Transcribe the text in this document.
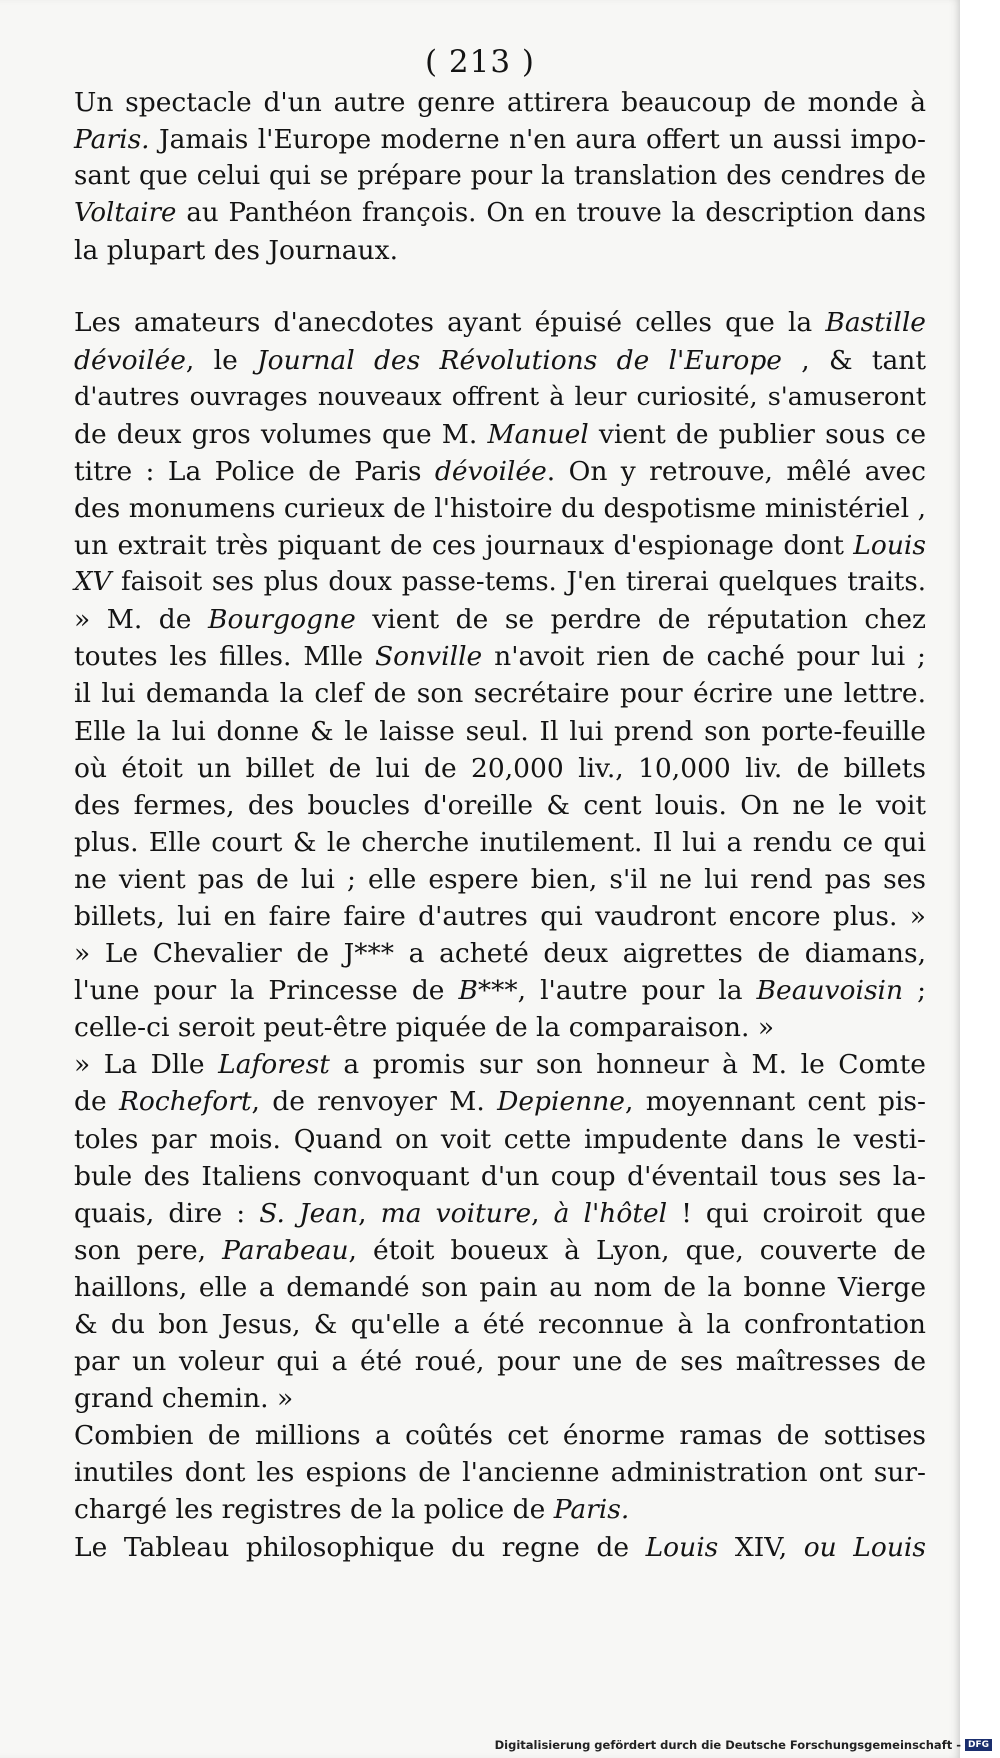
( 213 )
Un spectacle d'un autre genre attirera beaucoup de monde à
Paris. Jamais l'Europe moderne n'en aura offert un aussi impo-
sant que celui qui se prépare pour la translation des cendres de
Voltaire au Panthéon françois. On en trouve la description dans
la plupart des Journaux.
Les amateurs d'anecdotes ayant épuisé celles que la Bastille
dévoilée, le Journal des Révolutions de l'Europe , & tant
d'autres ouvrages nouveaux offrent à leur curiosité, s'amuseront
de deux gros volumes que M. Manuel vient de publier sous ce
titre : La Police de Paris dévoilée. On y retrouve, mêlé avec
des monumens curieux de l'histoire du despotisme ministériel ,
un extrait très piquant de ces journaux d'espionage dont Louis
XV faisoit ses plus doux passe-tems. J'en tirerai quelques traits.
» M. de Bourgogne vient de se perdre de réputation chez
toutes les filles. Mlle Sonville n'avoit rien de caché pour lui ;
il lui demanda la clef de son secrétaire pour écrire une lettre.
Elle la lui donne & le laisse seul. Il lui prend son porte-feuille
où étoit un billet de lui de 20,000 liv., 10,000 liv. de billets
des fermes, des boucles d'oreille & cent louis. On ne le voit
plus. Elle court & le cherche inutilement. Il lui a rendu ce qui
ne vient pas de lui ; elle espere bien, s'il ne lui rend pas ses
billets, lui en faire faire d'autres qui vaudront encore plus. »
» Le Chevalier de J*** a acheté deux aigrettes de diamans,
l'une pour la Princesse de B***, l'autre pour la Beauvoisin ;
celle-ci seroit peut-être piquée de la comparaison. »
» La Dlle Laforest a promis sur son honneur à M. le Comte
de Rochefort, de renvoyer M. Depienne, moyennant cent pis-
toles par mois. Quand on voit cette impudente dans le vesti-
bule des Italiens convoquant d'un coup d'éventail tous ses la-
quais, dire : S. Jean, ma voiture, à l'hôtel ! qui croiroit que
son pere, Parabeau, étoit boueux à Lyon, que, couverte de
haillons, elle a demandé son pain au nom de la bonne Vierge
& du bon Jesus, & qu'elle a été reconnue à la confrontation
par un voleur qui a été roué, pour une de ses maîtresses de
grand chemin. »
Combien de millions a coûtés cet énorme ramas de sottises
inutiles dont les espions de l'ancienne administration ont sur-
chargé les registres de la police de Paris.
Le Tableau philosophique du regne de Louis XIV, ou Louis
Digitalisierung gefördert durch die Deutsche Forschungsgemeinschaft - DFG
